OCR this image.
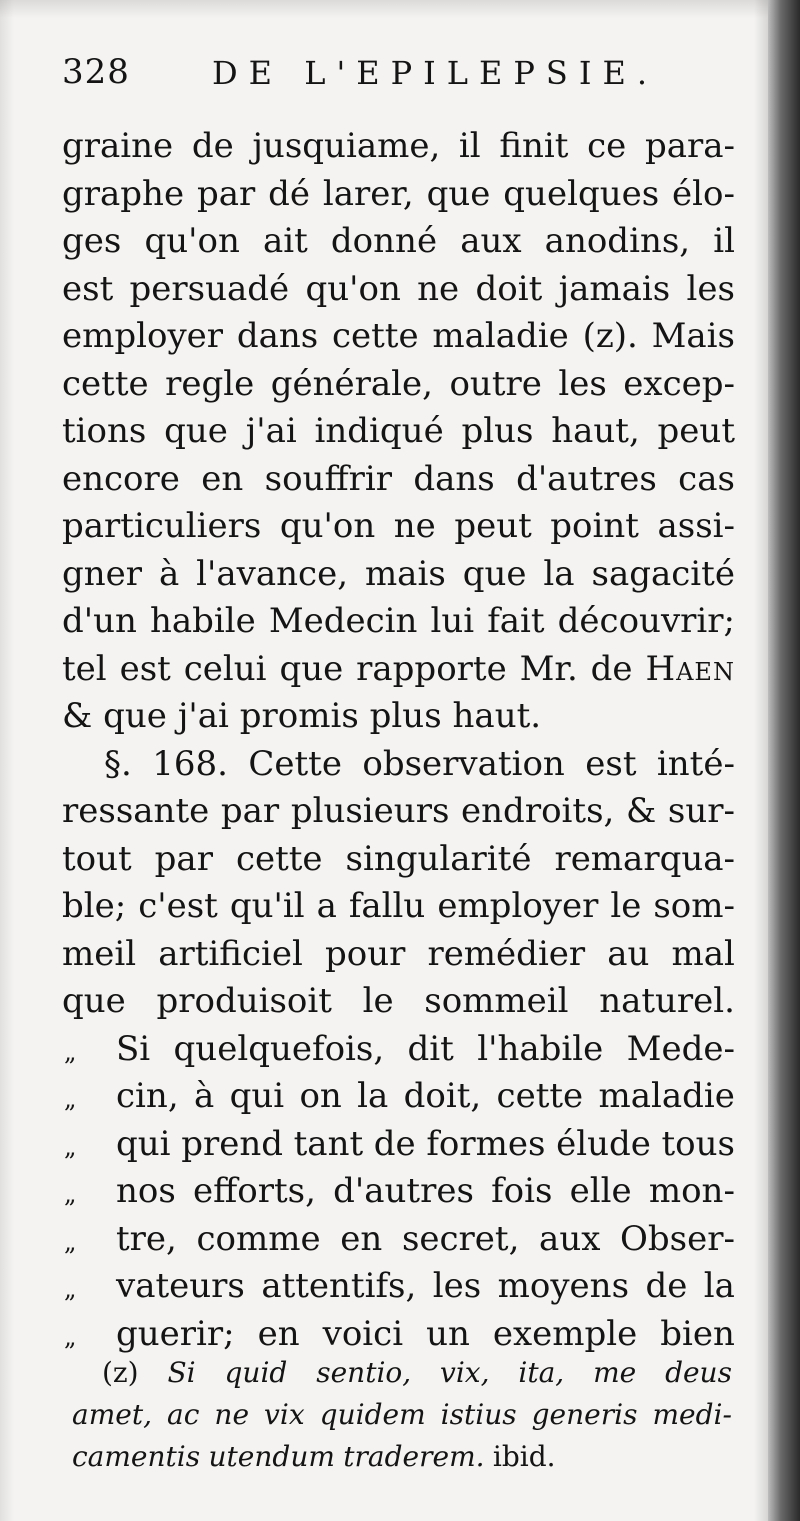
328	DE L'EPILEPSIE.
graine de jusquiame, il finit ce para-
graphe par dé larer, que quelques élo-
ges qu'on ait donné aux anodins, il
est persuadé qu'on ne doit jamais les
employer dans cette maladie (z). Mais
cette regle générale, outre les excep-
tions que j'ai indiqué plus haut, peut
encore en souffrir dans d'autres cas
particuliers qu'on ne peut point assi-
gner à l'avance, mais que la sagacité
d'un habile Medecin lui fait découvrir;
tel est celui que rapporte Mr. de Haen
& que j'ai promis plus haut.
§. 168. Cette observation est inté-
ressante par plusieurs endroits, & sur-
tout par cette singularité remarqua-
ble; c'est qu'il a fallu employer le som-
meil artificiel pour remédier au mal
que produisoit le sommeil naturel.
„	Si quelquefois, dit l'habile Mede-
„	cin, à qui on la doit, cette maladie
„	qui prend tant de formes élude tous
„	nos efforts, d'autres fois elle mon-
„	tre, comme en secret, aux Obser-
„	vateurs attentifs, les moyens de la
„	guerir; en voici un exemple bien
(z) Si quid sentio, vix, ita, me deus
amet, ac ne vix quidem istius generis medi-
camentis utendum traderem. ibid.
